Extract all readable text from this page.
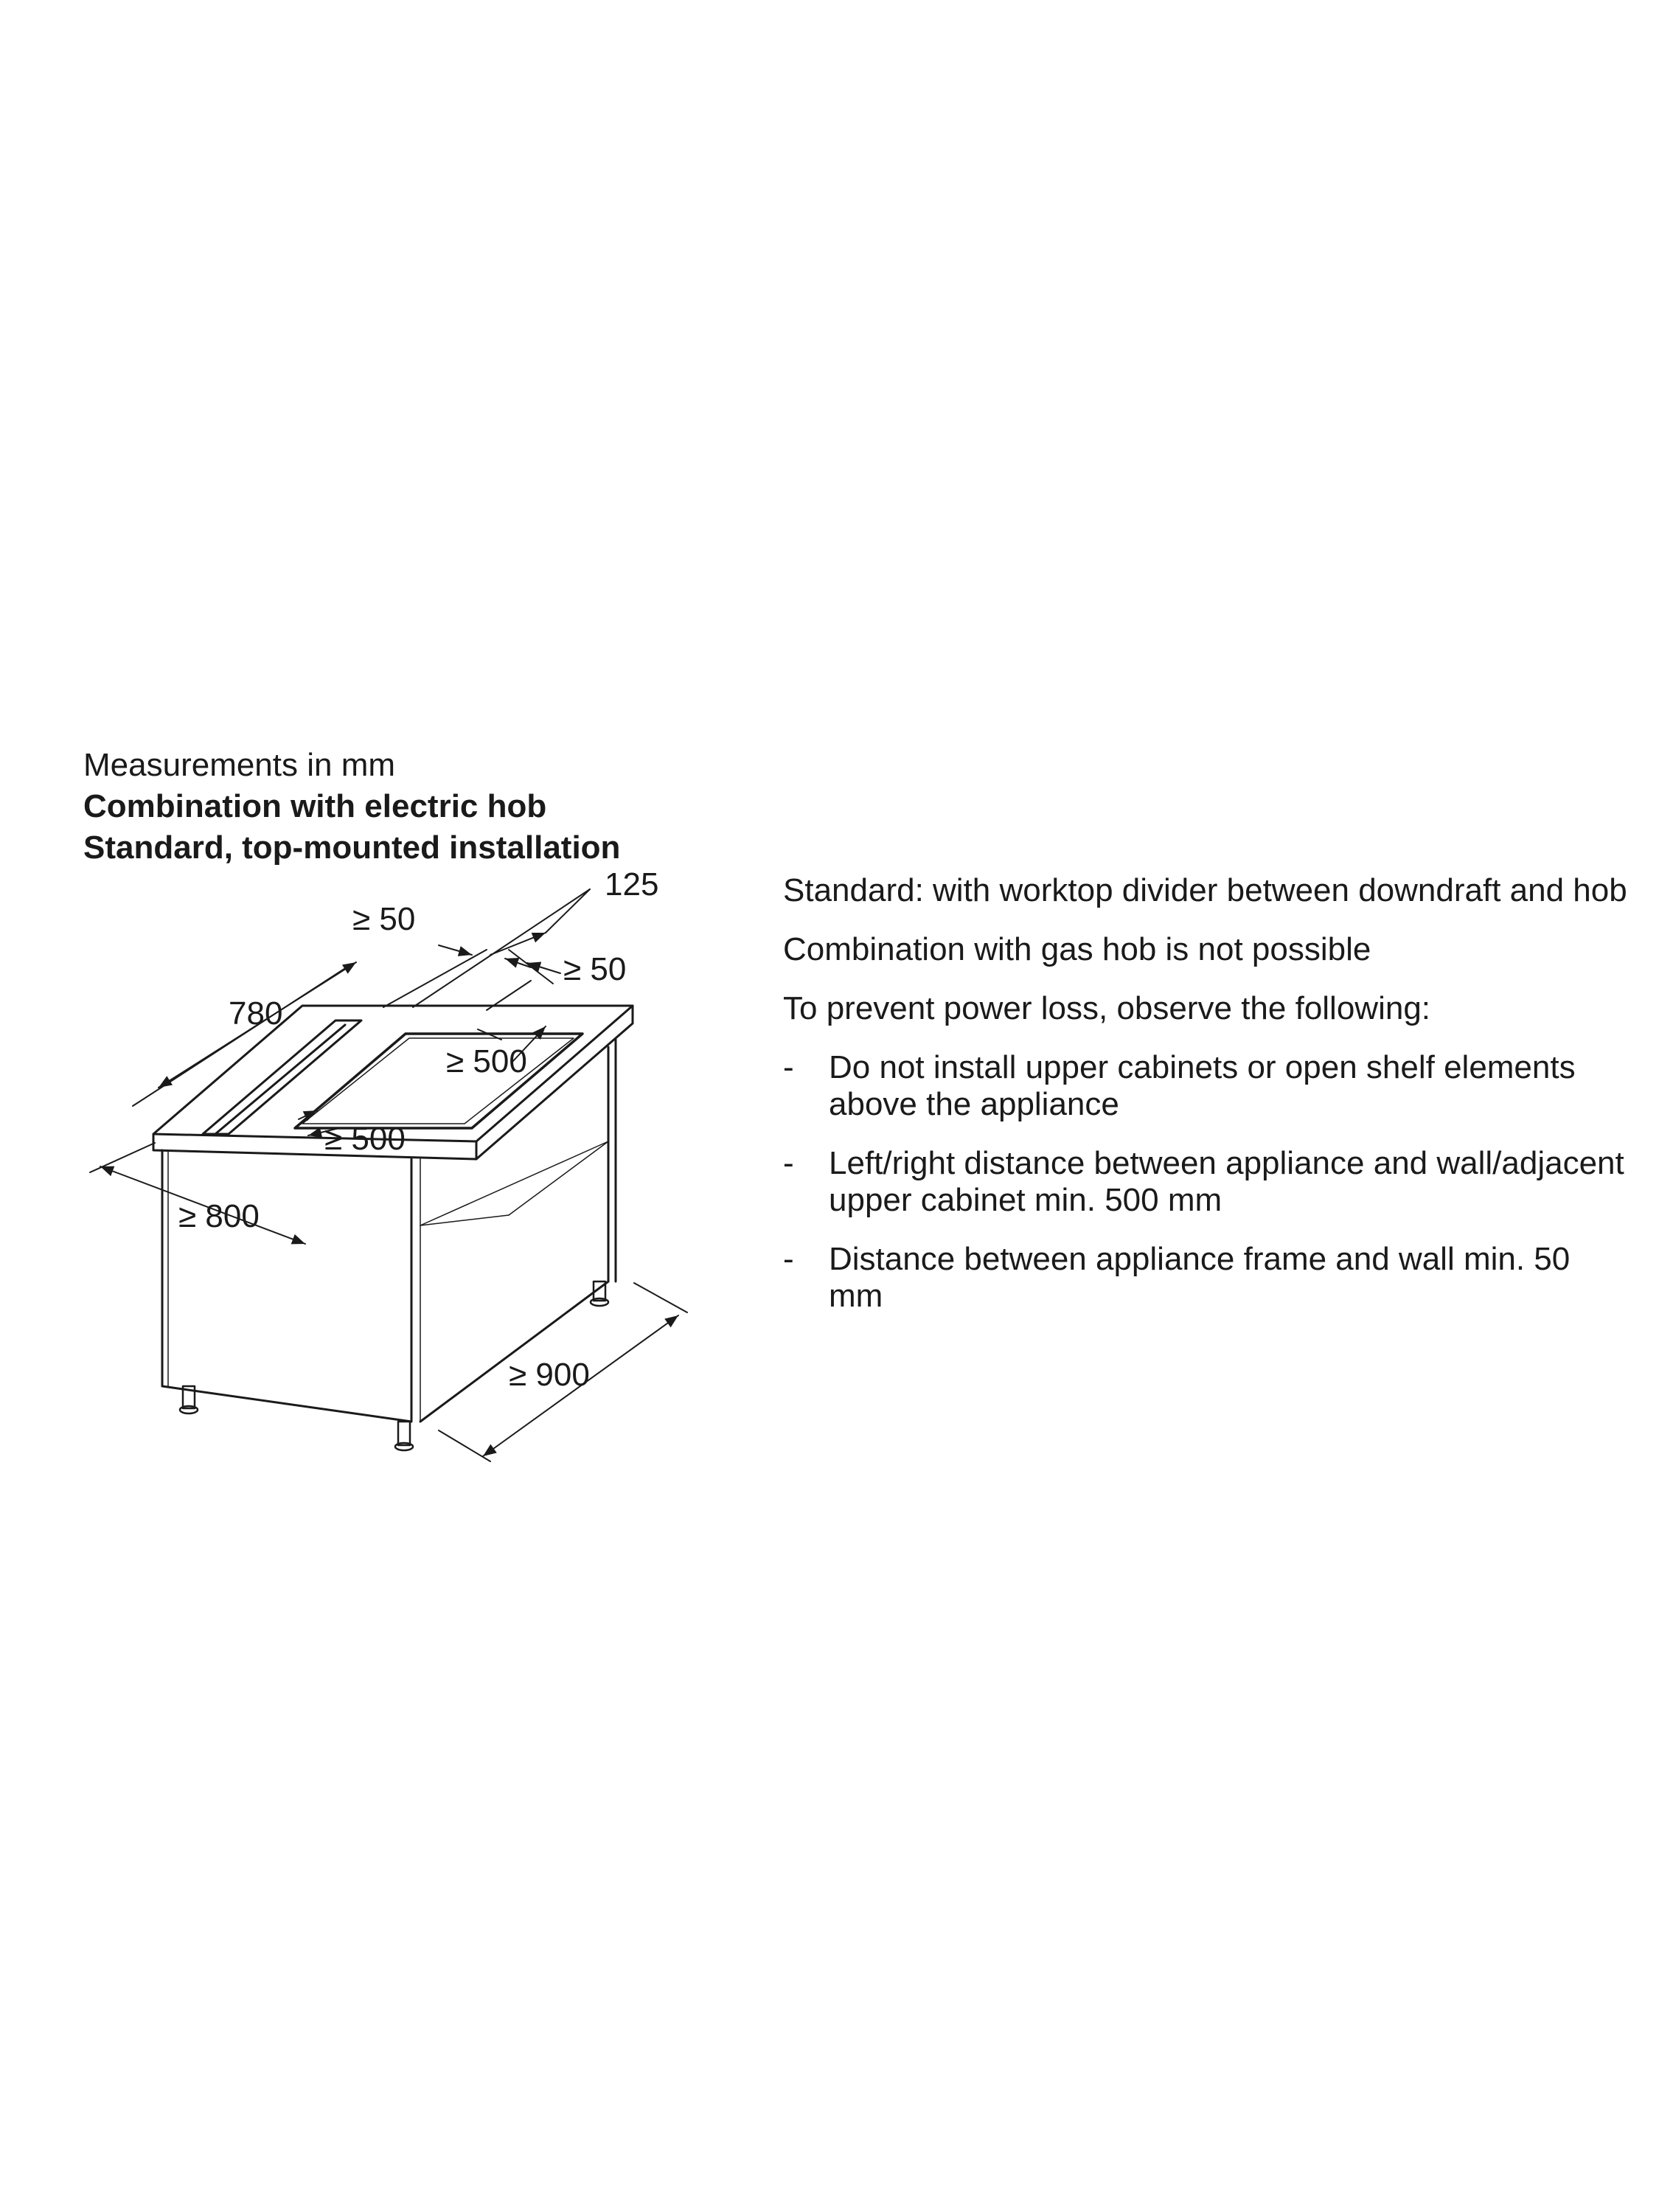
Measurements in mm
Combination with electric hob
Standard, top-mounted installation
125
≥ 50
≥ 50
780
≥ 500
≥ 500
≥ 800
≥ 900

Standard: with worktop divider between downdraft and hob

Combination with gas hob is not possible

To prevent power loss, observe the following:

- Do not install upper cabinets or open shelf elements above the appliance
- Left/right distance between appliance and wall/adjacent upper cabinet min. 500 mm
- Distance between appliance frame and wall min. 50 mm
